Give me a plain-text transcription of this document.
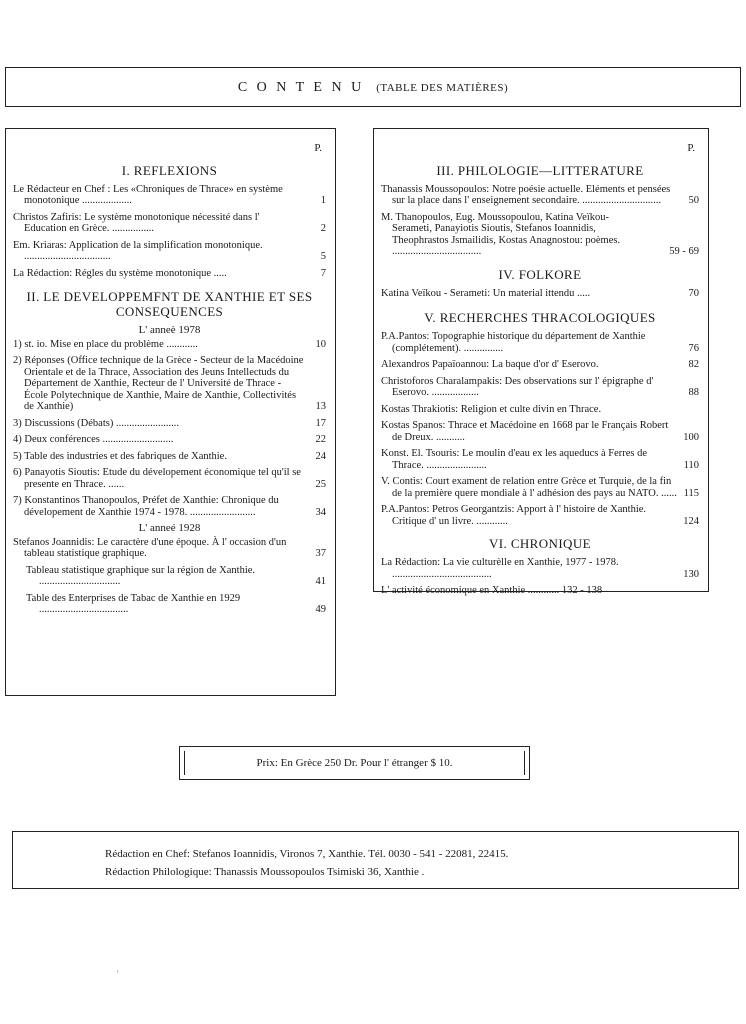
C O N T E N U (TABLE DES MATIÈRES)
P.
I. REFLEXIONS
Le Rédacteur en Chef : Les «Chroniques de Thrace» en système monotonique ...................	1
Christos Zafiris: Le système monotonique nécessité dans l' Education en Grèce. ................	2
Em. Kriaras: Application de la simplification monotonique. .................................	5
La Rédaction: Régles du système monotonique .....	7
II. LE DEVELOPPEMFNT DE XANTHIE ET SES CONSEQUENCES
L' anneè 1978
1) st. io. Mise en place du problème ............	10
2) Réponses (Office technique de la Grèce - Secteur de la Macédoine Orientale et de la Thrace, Association des Jeuns Intellectuds du Département de Xanthie, Recteur de l' Université de Thrace - École Polytechnique de Xanthie, Maire de Xanthie, Collectivités de Xanthie)	13
3) Discussions (Débats) ........................	17
4) Deux conférences ...........................	22
5) Table des industries et des fabriques de Xanthie.	24
6) Panayotis Sioutis: Etude du dévelopement économique tel qu'il se presente en Thrace. ......	25
7) Konstantinos Thanopoulos, Préfet de Xanthie: Chronique du dévelopement de Xanthie 1974 - 1978. .........................	34
L' anneé 1928
Stefanos Joannidis: Le caractère d'une époque. À l' occasion d'un tableau statistique graphique.	37
Tableau statistique graphique sur la région de Xanthie. ...............................	41
Table des Enterprises de Tabac de Xanthie en 1929 ..................................	49
P.
III. PHILOLOGIE—LITTERATURE
Thanassis Moussopoulos: Notre poésie actuelle. Eléments et pensées sur la place dans l' enseignement secondaire. ..............................	50
M. Thanopoulos, Eug. Moussopoulou, Katina Veïkou-Serameti, Panayiotis Sioutis, Stefanos Ioannidis, Theophrastos Jsmailidis, Kostas Anagnostou: poèmes. ..................................	59 - 69
IV. FOLKORE
Katina Veïkou - Serameti: Un material ittendu .....	70
V. RECHERCHES THRACOLOGIQUES
P.A.Pantos: Topographie historique du département de Xanthie (complétement). ...............	76
Alexandros Papaïoannou: La baque d'or d' Eserovo.	82
Christoforos Charalampakis: Des observations sur l' épigraphe d' Eserovo. ..................	88
Kostas Thrakiotis: Religion et culte divin en Thrace.
Kostas Spanos: Thrace et Macédoine en 1668 par le Français Robert de Dreux. ...........	100
Konst. El. Tsouris: Le moulin d'eau ex les aqueducs à Ferres de Thrace. .......................	110
V. Contis: Court exament de relation entre Grèce et Turquie, de la fin de la première quere mondiale à l' adhésion des pays au NATO. ...... 115
P.A.Pantos: Petros Georgantzis: Apport à l' histoire de Xanthie. Critique d' un livre. ............	124
VI. CHRONIQUE
La Rédaction: La vie culturèlle en Xanthie, 1977 - 1978. ......................................	130
L' activité économique en Xanthie ............ 132 - 138
Prix: En Grèce 250 Dr. Pour l' étranger $ 10.
Rédaction en Chef: Stefanos Ioannidis, Vironos 7, Xanthie. Tél. 0030 - 541 - 22081, 22415.
Rédaction Philologique: Thanassis Moussopoulos Tsimiski 36, Xanthie .
'
